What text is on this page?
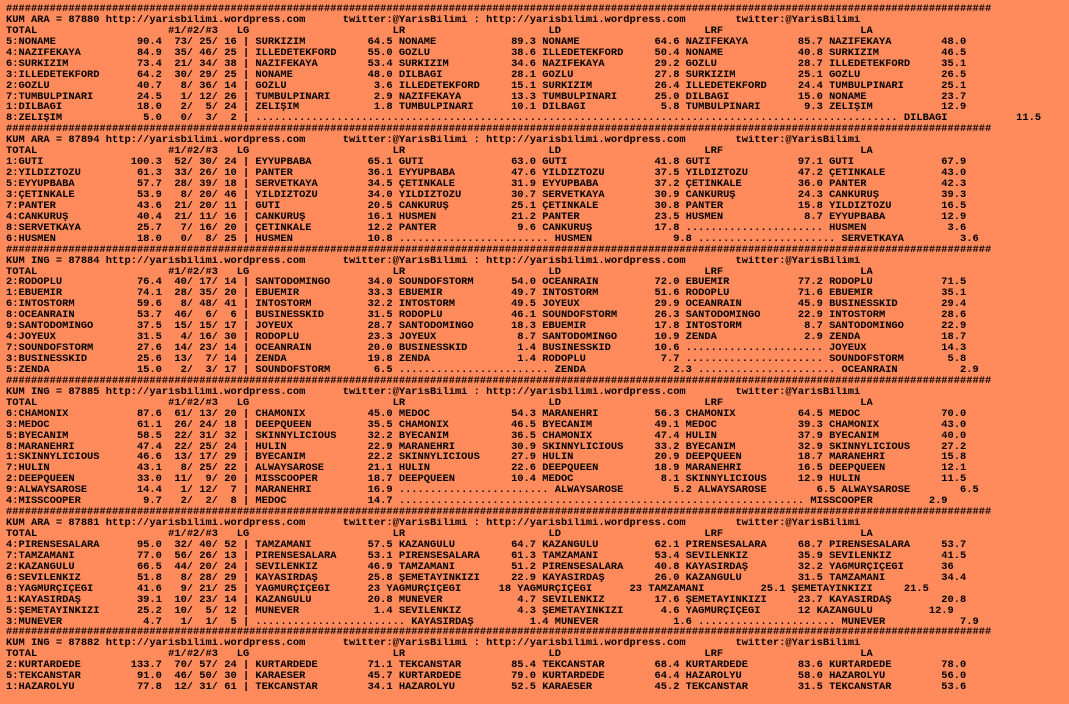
##############################################################################################################################################################
KUM ARA = 87880 http://yarisbilimi.wordpress.com      twitter:@YarisBilimi : http://yarisbilimi.wordpress.com        twitter:@YarisBilimi
TOTAL                     #1/#2/#3   LG                       LR                       LD                       LRF                      LA
5:NONAME             90.4  73/ 25/ 16 | SÜRKIZIM          64.5 NONAME            89.3 NONAME            64.6 NAZIFEKAYA        85.7 NAZIFEKAYA        48.0
4:NAZIFEKAYA         84.9  35/ 46/ 25 | İLLEDETEKFORD     55.0 GÖZLÜ             38.6 İLLEDETEKFORD     50.4 NONAME            40.8 SÜRKIZIM          46.5
6:SÜRKIZIM           73.4  21/ 34/ 38 | NAZIFEKAYA        53.4 SÜRKIZIM          34.6 NAZIFEKAYA        29.2 GÖZLÜ             28.7 İLLEDETEKFORD     35.1
3:İLLEDETEKFORD      64.2  30/ 29/ 25 | NONAME            48.0 DILBAĞI           28.1 GÖZLÜ             27.8 SÜRKIZIM          25.1 GÖZLÜ             26.5
2:GÖZLÜ              40.7   8/ 36/ 14 | GÖZLÜ              3.6 İLLEDETEKFORD     15.1 SÜRKIZIM          26.4 İLLEDETEKFORD     24.4 TUMBULPINARI      25.1
7:TUMBULPINARI       24.5   1/ 12/ 26 | TUMBULPINARI       2.9 NAZIFEKAYA        13.3 TUMBULPINARI      25.0 DILBAĞI           15.0 NONAME            23.7
1:DILBAĞI            18.0   2/  5/ 24 | ZELIŞIM            1.8 TUMBULPINARI      10.1 DILBAĞI            5.8 TUMBULPINARI       9.3 ZELIŞIM           12.9
8:ZELIŞIM             5.0   0/  3/  2 | ....................................................................................................... DILBAĞI           11.5
##############################################################################################################################################################
KUM ARA = 87894 http://yarisbilimi.wordpress.com      twitter:@YarisBilimi : http://yarisbilimi.wordpress.com        twitter:@YarisBilimi
TOTAL                     #1/#2/#3   LG                       LR                       LD                       LRF                      LA
1:GUTİ              100.3  52/ 30/ 24 | EYYUPBABA         65.1 GUTİ              63.0 GUTİ              41.8 GUTİ              97.1 GUTİ              67.9
2:YILDIZTOZU         61.3  33/ 26/ 10 | PANTER            36.1 EYYUPBABA         47.6 YILDIZTOZU        37.5 YILDIZTOZU        47.2 ÇETİNKALE         43.0
5:EYYUPBABA          57.7  28/ 39/ 18 | SERVETKAYA        34.5 ÇETİNKALE         31.9 EYYUPBABA         37.2 ÇETİNKALE         36.0 PANTER            42.3
3:ÇETİNKALE          53.9   8/ 20/ 46 | YILDIZTOZU        34.0 YILDIZTOZU        30.7 SERVETKAYA        30.9 CANKURUŞ          24.3 CANKURUŞ          39.3
7:PANTER             43.6  21/ 20/ 11 | GUTİ              20.5 CANKURUŞ          25.1 ÇETİNKALE         30.8 PANTER            15.8 YILDIZTOZU        16.5
4:CANKURUŞ           40.4  21/ 11/ 16 | CANKURUŞ          16.1 HÜSMEN            21.2 PANTER            23.5 HÜSMEN             8.7 EYYUPBABA         12.9
8:SERVETKAYA         25.7   7/ 16/ 20 | ÇETİNKALE         12.2 PANTER             9.6 CANKURUŞ          17.8 ...................... HÜSMEN             3.6
6:HÜSMEN             18.0   0/  8/ 25 | HÜSMEN            10.8 ........................ HÜSMEN             9.8 ...................... SERVETKAYA         3.6
##############################################################################################################################################################
KUM ING = 87884 http://yarisbilimi.wordpress.com      twitter:@YarisBilimi : http://yarisbilimi.wordpress.com        twitter:@YarisBilimi
TOTAL                     #1/#2/#3   LG                       LR                       LD                       LRF                      LA
2:RODOPLU            76.4  40/ 17/ 14 | SANTODOMINGO      34.0 SOUNDOFSTORM      54.0 OCEANRAIN         72.0 EBUEMİR           77.2 RODOPLU           71.5
1:EBUEMİR            74.1  28/ 35/ 20 | EBUEMİR           33.3 EBUEMİR           49.7 INTOSTORM         51.6 RODOPLU           71.6 EBUEMİR           35.1
6:INTOSTORM          59.6   8/ 48/ 41 | INTOSTORM         32.2 INTOSTORM         49.5 JOYEUX            29.9 OCEANRAIN         45.9 BUSINESSKID       29.4
8:OCEANRAIN          53.7  46/  6/  6 | BUSINESSKID       31.5 RODOPLU           46.1 SOUNDOFSTORM      26.3 SANTODOMINGO      22.9 INTOSTORM         28.6
9:SANTODOMINGO       37.5  15/ 15/ 17 | JOYEUX            28.7 SANTODOMINGO      18.3 EBUEMİR           17.8 INTOSTORM          8.7 SANTODOMINGO      22.9
4:JOYEUX             31.5   4/ 16/ 30 | RODOPLU           23.3 JOYEUX             8.7 SANTODOMINGO      10.9 ZENDA              2.9 ZENDA             18.7
7:SOUNDOFSTORM       27.6  14/ 23/ 14 | OCEANRAIN         20.0 BUSINESSKID        1.4 BUSINESSKID       10.6 ...................... JOYEUX            14.3
3:BUSINESSKID        25.6  13/  7/ 14 | ZENDA             19.8 ZENDA              1.4 RODOPLU            7.7 ...................... SOUNDOFSTORM       5.8
5:ZENDA              15.0   2/  3/ 17 | SOUNDOFSTORM       6.5 ........................ ZENDA              2.3 ...................... OCEANRAIN          2.9
##############################################################################################################################################################
KUM ING = 87885 http://yarisbilimi.wordpress.com      twitter:@YarisBilimi : http://yarisbilimi.wordpress.com        twitter:@YarisBilimi
TOTAL                     #1/#2/#3   LG                       LR                       LD                       LRF                      LA
6:CHAMONIX           87.6  61/ 13/ 20 | CHAMONIX          45.0 MEDOC             54.3 MARANEHRİ         56.3 CHAMONIX          64.5 MEDOC             70.0
3:MEDOC              61.1  26/ 24/ 18 | DEEPQUEEN         35.5 CHAMONIX          46.5 BYECANIM          49.1 MEDOC             39.3 CHAMONIX          43.0
5:BYECANIM           58.5  22/ 31/ 32 | SKINNYLICIOUS     32.2 BYECANIM          36.5 CHAMONIX          47.4 HULIN             37.9 BYECANIM          40.0
8:MARANEHRİ          47.4  22/ 25/ 24 | HULIN             22.9 MARANEHRİ         30.9 SKINNYLICIOUS     33.2 BYECANIM          32.9 SKINNYLICIOUS     27.2
1:SKINNYLICIOUS      46.6  13/ 17/ 29 | BYECANIM          22.2 SKINNYLICIOUS     27.9 HULIN             20.9 DEEPQUEEN         18.7 MARANEHRİ         15.8
7:HULIN              43.1   8/ 25/ 22 | ALWAYSAROSE       21.1 HULIN             22.6 DEEPQUEEN         18.9 MARANEHRİ         16.5 DEEPQUEEN         12.1
2:DEEPQUEEN          33.0  11/  9/ 20 | MISSCOOPER        18.7 DEEPQUEEN         10.4 MEDOC              8.1 SKINNYLICIOUS     12.9 HULIN             11.5
9:ALWAYSAROSE        14.4   1/ 12/  7 | MARANEHRİ         16.9 ........................ ALWAYSAROSE        5.2 ALWAYSAROSE        6.5 ALWAYSAROSE        6.5
4:MISSCOOPER          9.7   2/  2/  8 | MEDOC             14.7 ................................................................. MISSCOOPER         2.9
##############################################################################################################################################################
KUM ARA = 87881 http://yarisbilimi.wordpress.com      twitter:@YarisBilimi : http://yarisbilimi.wordpress.com        twitter:@YarisBilimi
TOTAL                     #1/#2/#3   LG                       LR                       LD                       LRF                      LA
4:PİRENSESALARA      95.0  32/ 40/ 52 | TAMZAMANI         57.5 KAZANGÜLÜ         64.7 KAZANGÜLÜ         62.1 PİRENSESALARA     68.7 PİRENSESALARA     53.7
7:TAMZAMANI          77.0  56/ 26/ 13 | PİRENSESALARA     53.1 PİRENSESALARA     61.3 TAMZAMANI         53.4 SEVİLENKIZ        35.9 SEVİLENKIZ        41.5
2:KAZANGÜLÜ          66.5  44/ 20/ 24 | SEVİLENKIZ        46.9 TAMZAMANI         51.2 PİRENSESALARA     40.8 KAYASIRDAŞ        32.2 YAĞMURÇİÇEĞİ      36
6:SEVİLENKIZ         51.8   8/ 28/ 29 | KAYASIRDAŞ        25.8 ŞEMETAYINKIZI     22.9 KAYASIRDAŞ        26.0 KAZANGÜLÜ         31.5 TAMZAMANI         34.4
8:YAĞMURÇİÇEĞİ       41.6   9/ 21/ 25 | YAĞMURÇİÇEĞİ      23 YAĞMURÇİÇEĞİ      18 YAĞMURÇİÇEĞİ      23 TAMZAMANI         25.1 ŞEMETAYINKIZI     21.5
1:KAYASIRDAŞ         39.1  10/ 23/ 14 | KAZANGÜLÜ         20.8 MÜNEVER            4.7 SEVİLENKIZ        17.6 ŞEMETAYINKIZI     23.7 KAYASIRDAŞ        20.8
5:ŞEMETAYINKIZI      25.2  10/  5/ 12 | MÜNEVER            1.4 SEVİLENKIZ         4.3 ŞEMETAYINKIZI      4.6 YAĞMURÇİÇEĞİ      12 KAZANGÜLÜ         12.9
3:MÜNEVER             4.7   1/  1/  5 | ........................ KAYASIRDAŞ         1.4 MÜNEVER            1.6 ...................... MÜNEVER            7.9
##############################################################################################################################################################
KUM ING = 87882 http://yarisbilimi.wordpress.com      twitter:@YarisBilimi : http://yarisbilimi.wordpress.com        twitter:@YarisBilimi
TOTAL                     #1/#2/#3   LG                       LR                       LD                       LRF                      LA
2:KURTARDEDE        133.7  70/ 57/ 24 | KURTARDEDE        71.1 TEKCANSTAR        85.4 TEKCANSTAR        68.4 KURTARDEDE        83.6 KURTARDEDE        78.0
5:TEKCANSTAR         91.0  46/ 50/ 30 | KARAESER          45.7 KURTARDEDE        79.0 KURTARDEDE        64.4 HAZAROLYU         58.0 HAZAROLYU         56.0
1:HAZAROLYU          77.8  12/ 31/ 61 | TEKCANSTAR        34.1 HAZAROLYU         52.5 KARAESER          45.2 TEKCANSTAR        31.5 TEKCANSTAR        53.6
